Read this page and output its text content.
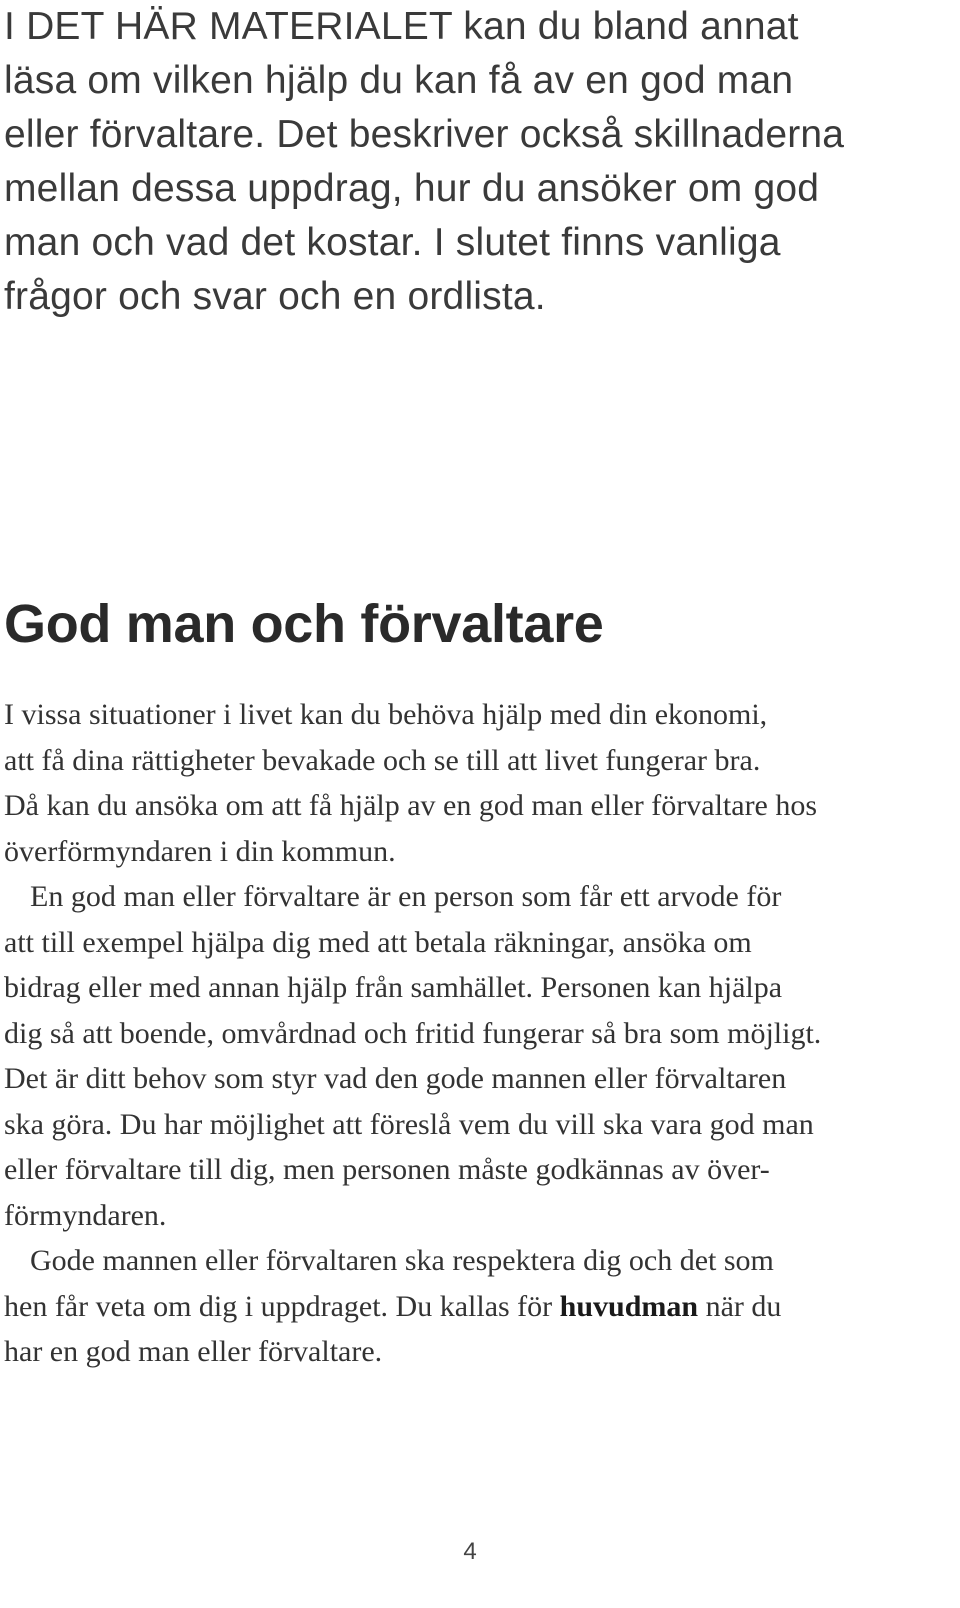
I DET HÄR MATERIALET kan du bland annat
läsa om vilken hjälp du kan få av en god man
eller förvaltare. Det beskriver också skillnaderna
mellan dessa uppdrag, hur du ansöker om god
man och vad det kostar. I slutet finns vanliga
frågor och svar och en ordlista.

God man och förvaltare

I vissa situationer i livet kan du behöva hjälp med din ekonomi,
att få dina rättigheter bevakade och se till att livet fungerar bra.
Då kan du ansöka om att få hjälp av en god man eller förvaltare hos
överförmyndaren i din kommun.

En god man eller förvaltare är en person som får ett arvode för
att till exempel hjälpa dig med att betala räkningar, ansöka om
bidrag eller med annan hjälp från samhället. Personen kan hjälpa
dig så att boende, omvårdnad och fritid fungerar så bra som möjligt.
Det är ditt behov som styr vad den gode mannen eller förvaltaren
ska göra. Du har möjlighet att föreslå vem du vill ska vara god man
eller förvaltare till dig, men personen måste godkännas av över-
förmyndaren.

Gode mannen eller förvaltaren ska respektera dig och det som
hen får veta om dig i uppdraget. Du kallas för huvudman när du
har en god man eller förvaltare.

4
